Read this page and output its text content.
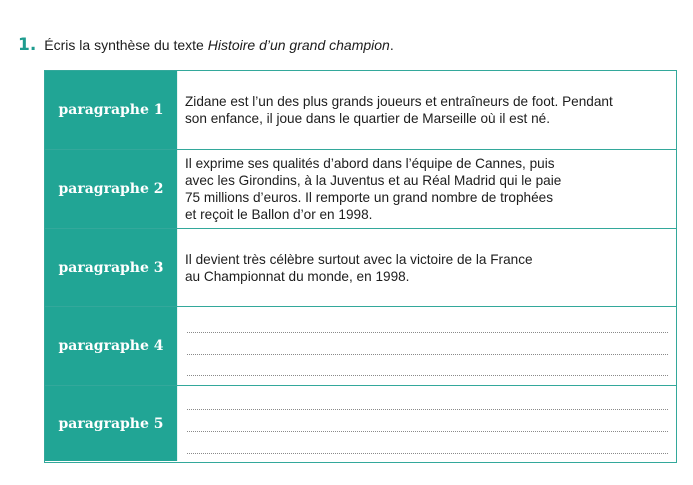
1. Écris la synthèse du texte Histoire d’un grand champion.
paragraphe 1

Zidane est l’un des plus grands joueurs et entraîneurs de foot. Pendant
son enfance, il joue dans le quartier de Marseille où il est né.

paragraphe 2

Il exprime ses qualités d’abord dans l’équipe de Cannes, puis
avec les Girondins, à la Juventus et au Réal Madrid qui le paie
75 millions d’euros. Il remporte un grand nombre de trophées
et reçoit le Ballon d’or en 1998.

paragraphe 3

Il devient très célèbre surtout avec la victoire de la France
au Championnat du monde, en 1998.

paragraphe 4
paragraphe 5
